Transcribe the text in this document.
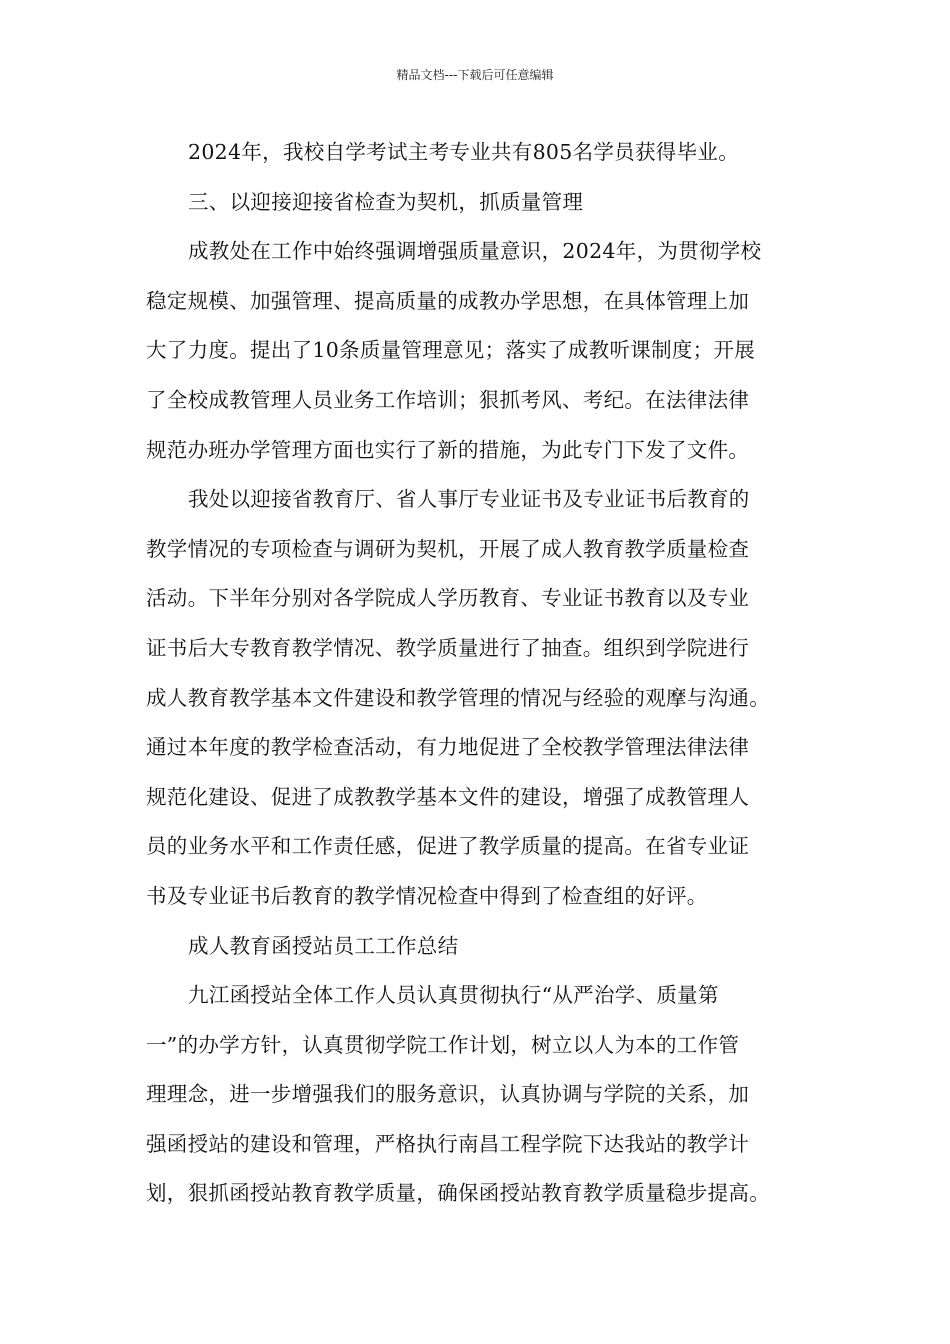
精品文档---下载后可任意编辑
2024年，我校自学考试主考专业共有805名学员获得毕业。
三、以迎接迎接省检查为契机，抓质量管理
成教处在工作中始终强调增强质量意识，2024年，为贯彻学校
稳定规模、加强管理、提高质量的成教办学思想，在具体管理上加
大了力度。提出了10条质量管理意见；落实了成教听课制度；开展
了全校成教管理人员业务工作培训；狠抓考风、考纪。在法律法律
规范办班办学管理方面也实行了新的措施，为此专门下发了文件。
我处以迎接省教育厅、省人事厅专业证书及专业证书后教育的
教学情况的专项检查与调研为契机，开展了成人教育教学质量检查
活动。下半年分别对各学院成人学历教育、专业证书教育以及专业
证书后大专教育教学情况、教学质量进行了抽查。组织到学院进行
成人教育教学基本文件建设和教学管理的情况与经验的观摩与沟通。
通过本年度的教学检查活动，有力地促进了全校教学管理法律法律
规范化建设、促进了成教教学基本文件的建设，增强了成教管理人
员的业务水平和工作责任感，促进了教学质量的提高。在省专业证
书及专业证书后教育的教学情况检查中得到了检查组的好评。
成人教育函授站员工工作总结
九江函授站全体工作人员认真贯彻执行“从严治学、质量第
一”的办学方针，认真贯彻学院工作计划，树立以人为本的工作管
理理念，进一步增强我们的服务意识，认真协调与学院的关系，加
强函授站的建设和管理，严格执行南昌工程学院下达我站的教学计
划，狠抓函授站教育教学质量，确保函授站教育教学质量稳步提高。
